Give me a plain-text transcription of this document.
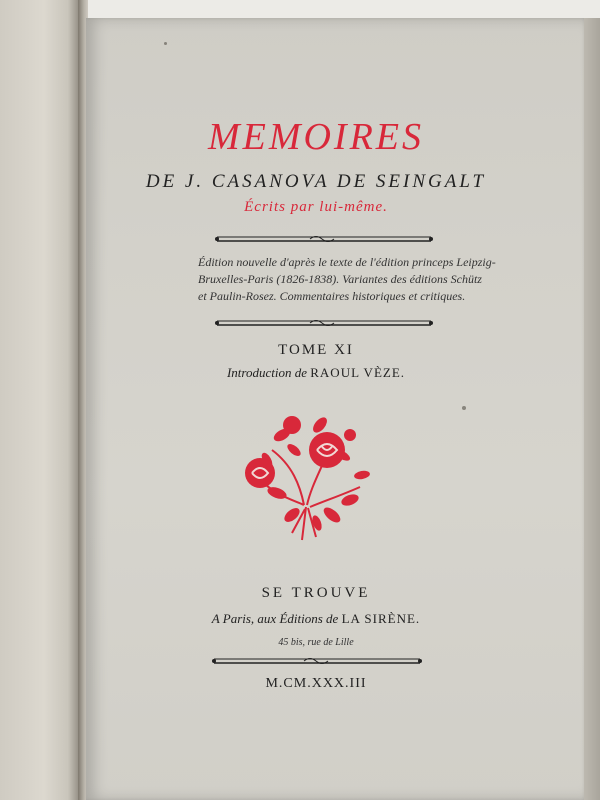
MEMOIRES
DE J. CASANOVA DE SEINGALT
Écrits par lui-même.
Édition nouvelle d'après le texte de l'édition princeps Leipzig-
Bruxelles-Paris (1826-1838). Variantes des éditions Schütz
et Paulin-Rosez. Commentaires historiques et critiques.
TOME XI
Introduction de RAOUL VÈZE.
SE TROUVE
A Paris, aux Éditions de LA SIRÈNE.
45 bis, rue de Lille
M.CM.XXX.III
